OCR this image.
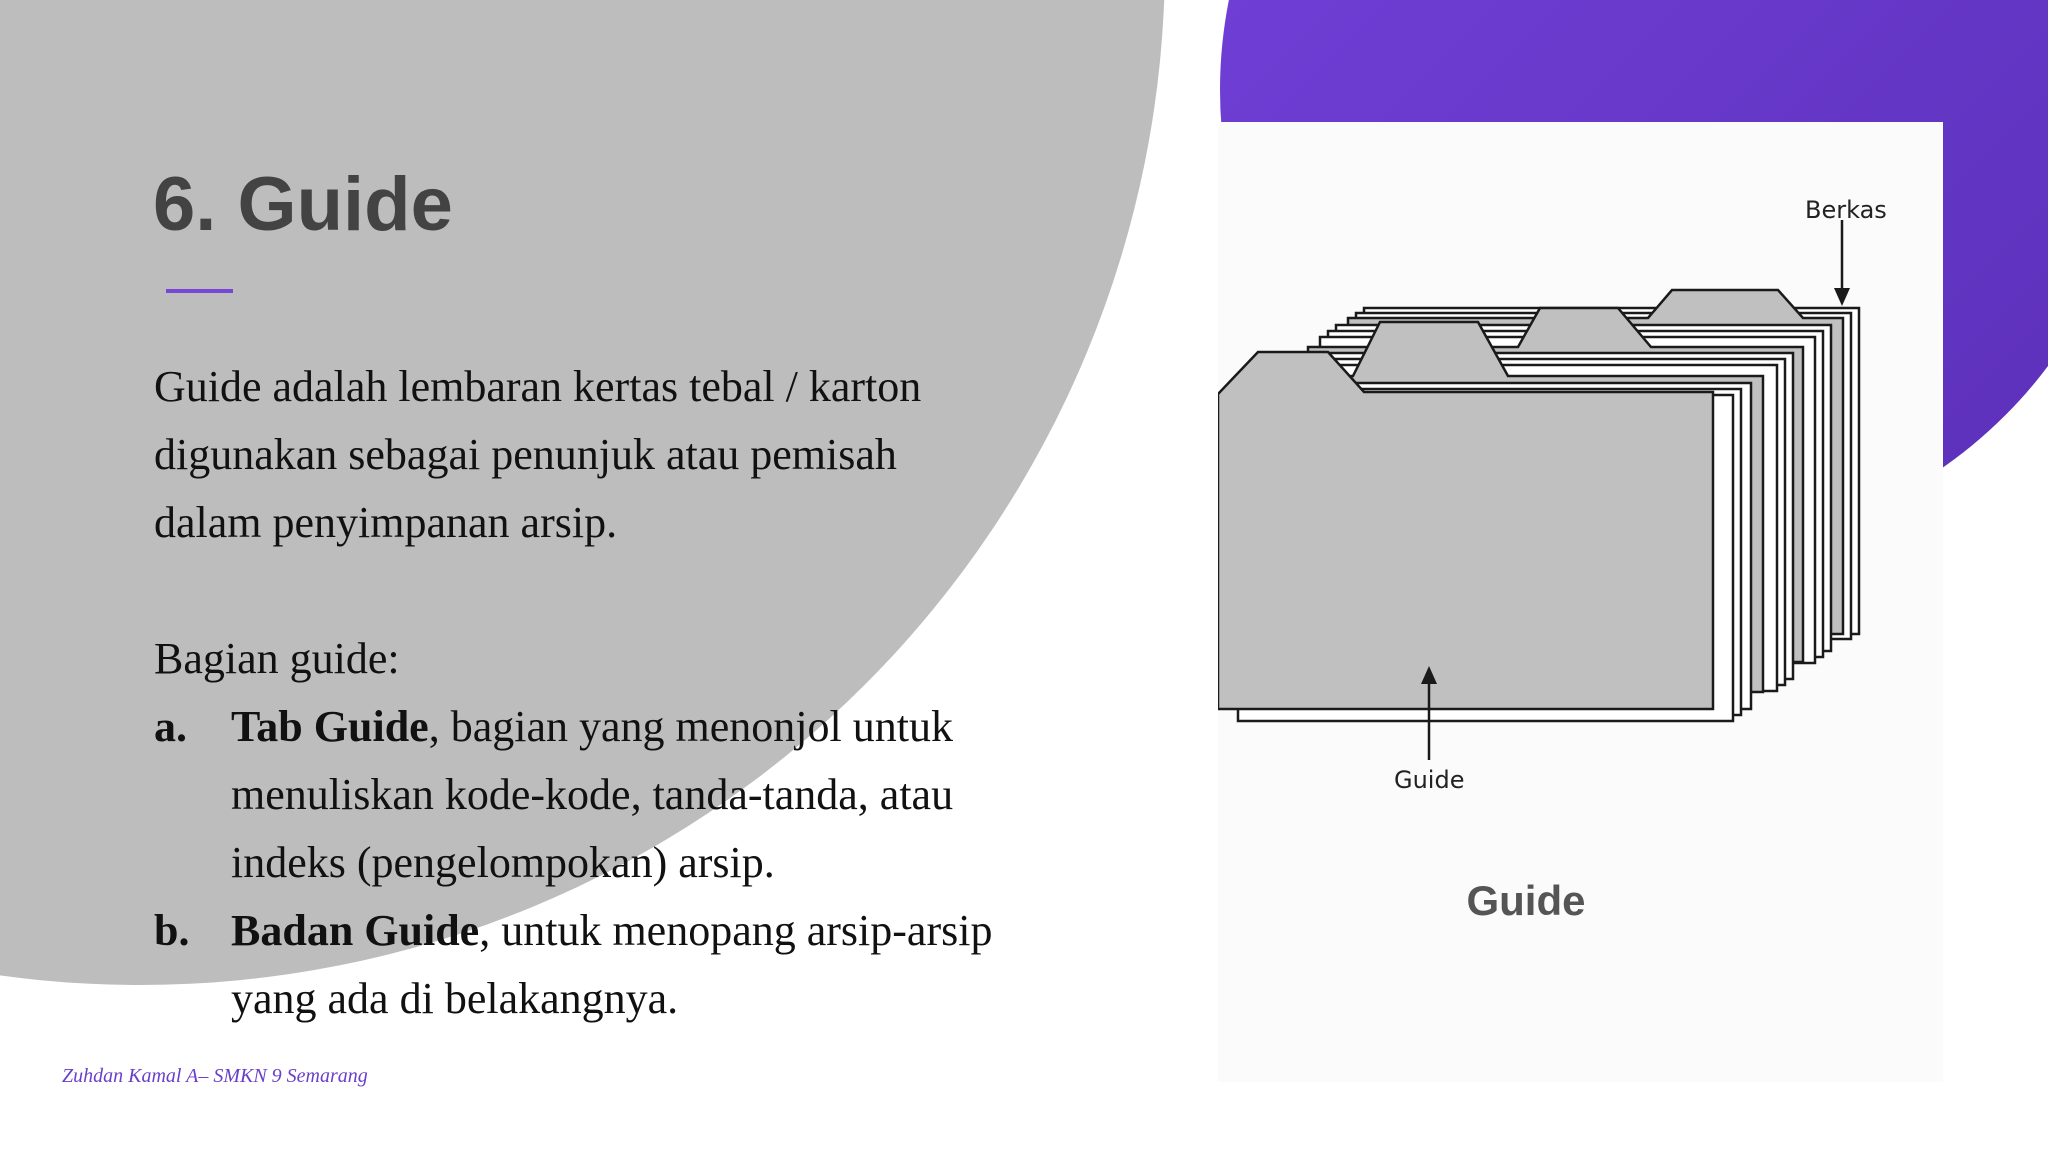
Berkas
Guide
Guide
6. Guide

Guide adalah lembaran kertas tebal / karton

digunakan sebagai penunjuk atau pemisah

dalam penyimpanan arsip.

Bagian guide:

a. Tab Guide, bagian yang menonjol untuk menuliskan kode-kode, tanda-tanda, atau indeks (pengelompokan) arsip.
b. Badan Guide, untuk menopang arsip-arsip yang ada di belakangnya.
Zuhdan Kamal A– SMKN 9 Semarang
